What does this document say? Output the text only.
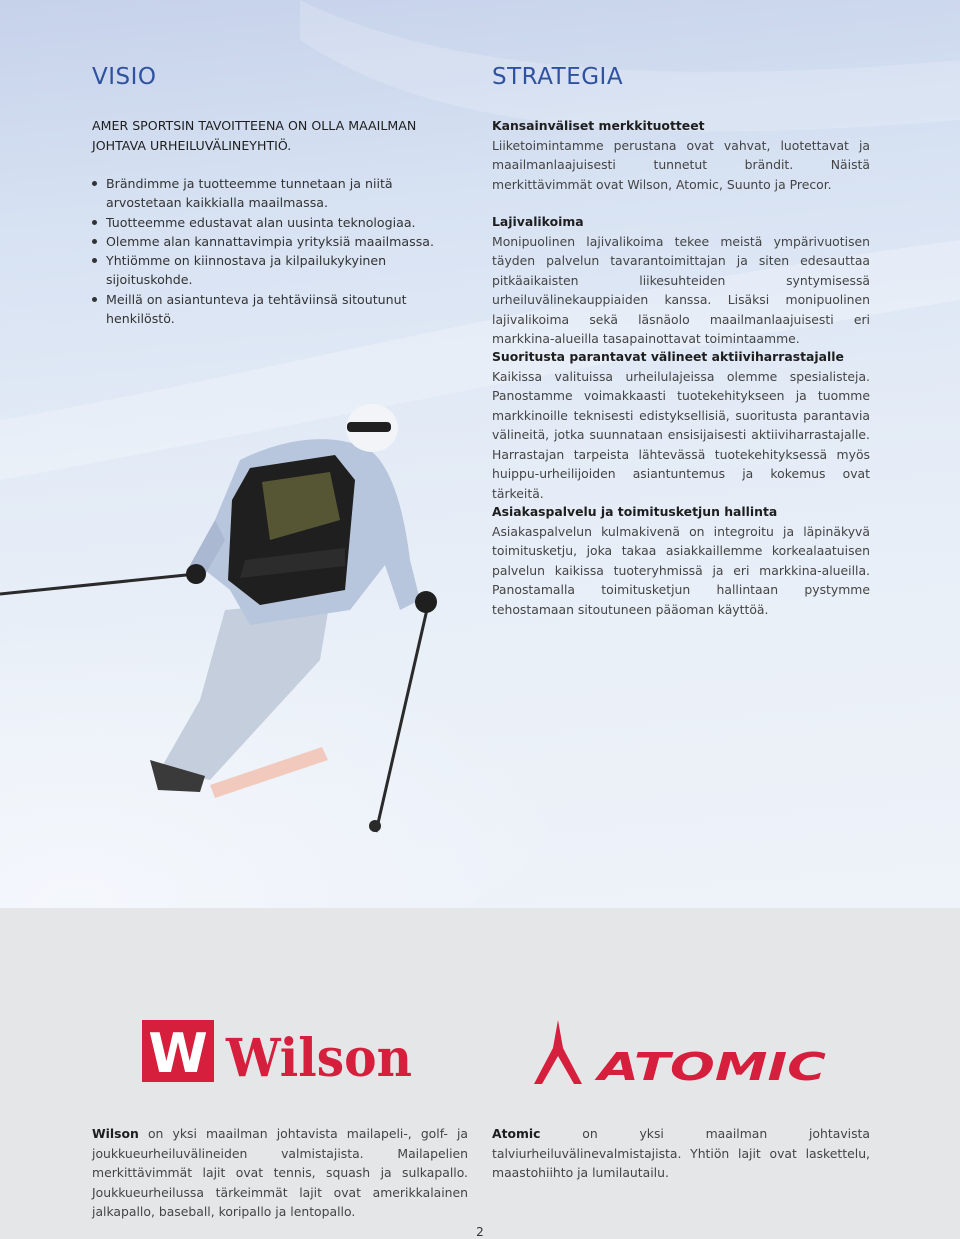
VISIO

AMER SPORTSIN TAVOITTEENA ON OLLA MAAILMAN JOHTAVA URHEILUVÄLINEYHTIÖ.

Brändimme ja tuotteemme tunnetaan ja niitä arvostetaan kaikkialla maailmassa.
Tuotteemme edustavat alan uusinta teknologiaa.
Olemme alan kannattavimpia yrityksiä maailmassa.
Yhtiömme on kiinnostava ja kilpailukykyinen sijoituskohde.
Meillä on asiantunteva ja tehtäviinsä sitoutunut henkilöstö.
STRATEGIA
Kansainväliset merkkituotteet

Liiketoimintamme perustana ovat vahvat, luotettavat ja maailmanlaajuisesti tunnetut brändit. Näistä merkittävimmät ovat Wilson, Atomic, Suunto ja Precor.

Lajivalikoima

Monipuolinen lajivalikoima tekee meistä ympärivuotisen täyden palvelun tavarantoimittajan ja siten edesauttaa pitkäaikaisten liikesuhteiden syntymisessä urheiluvälinekauppiaiden kanssa. Lisäksi monipuolinen lajivalikoima sekä läsnäolo maailmanlaajuisesti eri markkina-alueilla tasapainottavat toimintaamme.

Suoritusta parantavat välineet aktiiviharrastajalle

Kaikissa valituissa urheilulajeissa olemme spesialisteja. Panostamme voimakkaasti tuotekehitykseen ja tuomme markkinoille teknisesti edistyksellisiä, suoritusta parantavia välineitä, jotka suunnataan ensisijaisesti aktiiviharrastajalle. Harrastajan tarpeista lähtevässä tuotekehityksessä myös huippu-urheilijoiden asiantuntemus ja kokemus ovat tärkeitä.

Asiakaspalvelu ja toimitusketjun hallinta

Asiakaspalvelun kulmakivenä on integroitu ja läpinäkyvä toimitusketju, joka takaa asiakkaillemme korkealaatuisen palvelun kaikissa tuoteryhmissä ja eri markkina-alueilla. Panostamalla toimitusketjun hallintaan pystymme tehostamaan sitoutuneen pääoman käyttöä.

W Wilson	ATOMIC

Wilson on yksi maailman johtavista mailapeli-, golf- ja joukkueurheiluvälineiden valmistajista. Mailapelien merkittävimmät lajit ovat tennis, squash ja sulkapallo. Joukkueurheilussa tärkeimmät lajit ovat amerikkalainen jalkapallo, baseball, koripallo ja lentopallo.

Atomic on yksi maailman johtavista talviurheiluvälinevalmistajista. Yhtiön lajit ovat laskettelu, maastohiihto ja lumilautailu.

2
